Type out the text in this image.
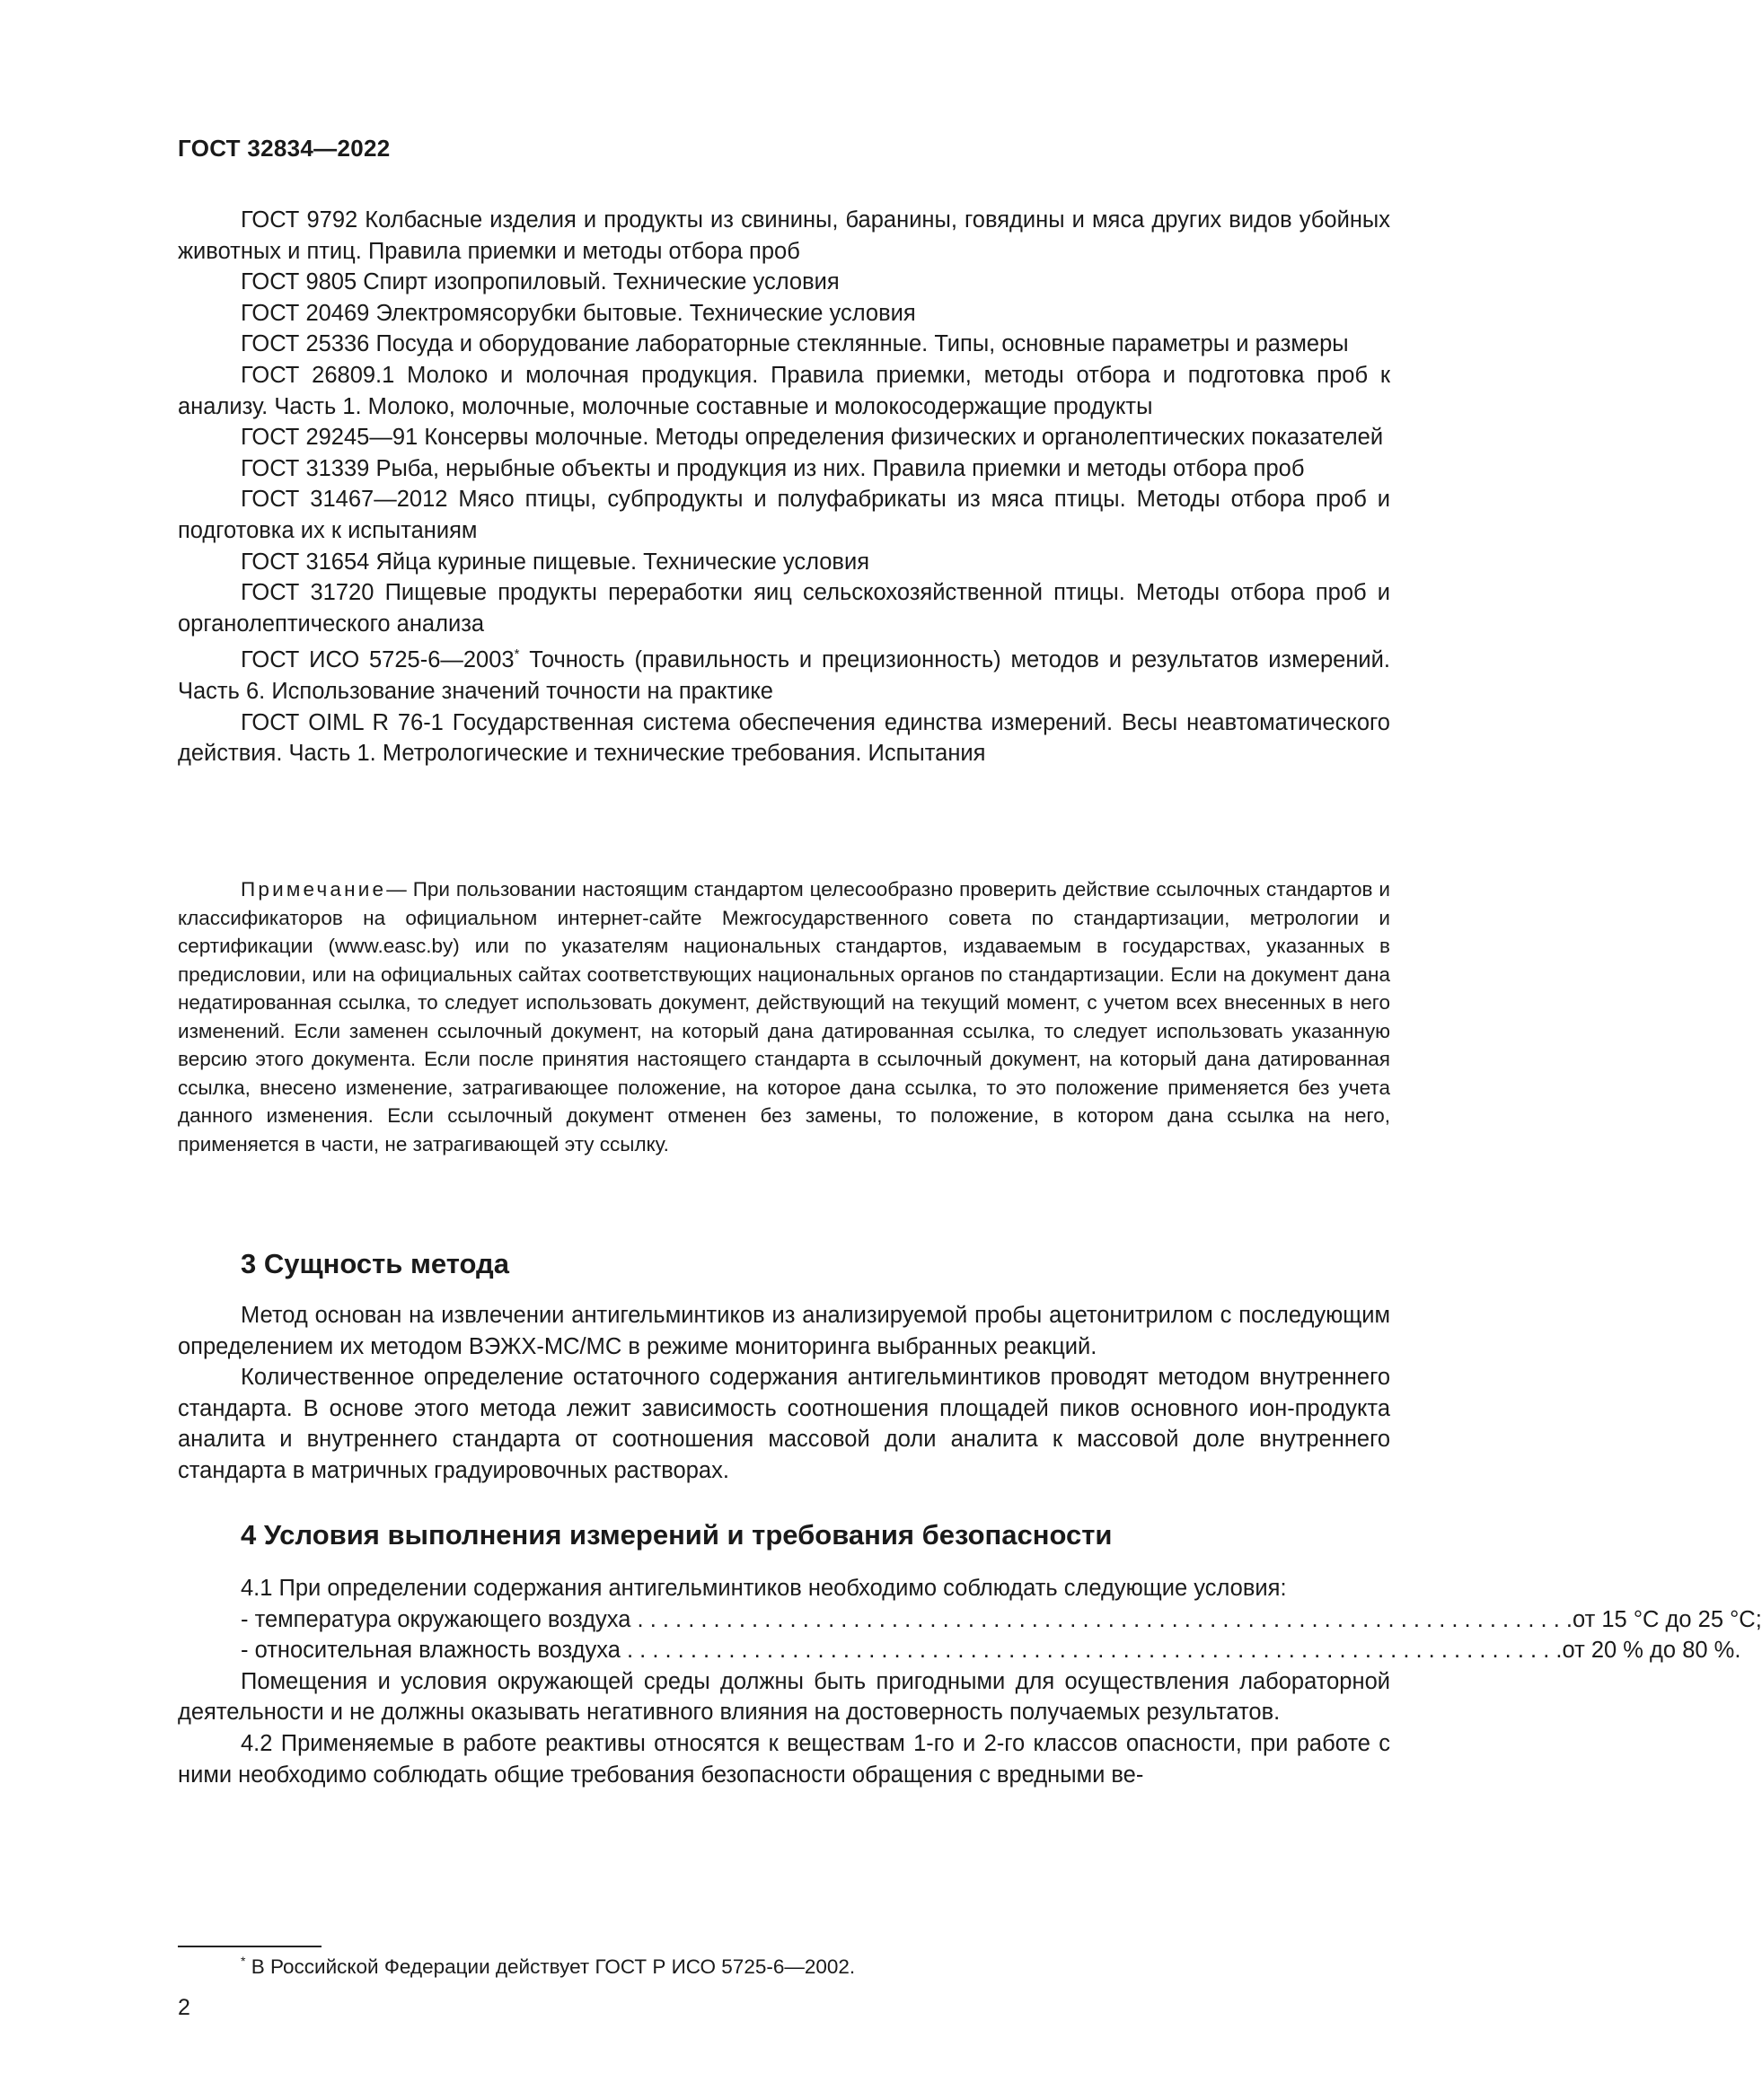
ГОСТ 32834—2022

ГОСТ 9792 Колбасные изделия и продукты из свинины, баранины, говядины и мяса других видов убойных животных и птиц. Правила приемки и методы отбора проб

ГОСТ 9805 Спирт изопропиловый. Технические условия

ГОСТ 20469 Электромясорубки бытовые. Технические условия

ГОСТ 25336 Посуда и оборудование лабораторные стеклянные. Типы, основные параметры и размеры

ГОСТ 26809.1 Молоко и молочная продукция. Правила приемки, методы отбора и подготовка проб к анализу. Часть 1. Молоко, молочные, молочные составные и молокосодержащие продукты

ГОСТ 29245—91 Консервы молочные. Методы определения физических и органолептических показателей

ГОСТ 31339 Рыба, нерыбные объекты и продукция из них. Правила приемки и методы отбора проб

ГОСТ 31467—2012 Мясо птицы, субпродукты и полуфабрикаты из мяса птицы. Методы отбора проб и подготовка их к испытаниям

ГОСТ 31654 Яйца куриные пищевые. Технические условия

ГОСТ 31720 Пищевые продукты переработки яиц сельскохозяйственной птицы. Методы отбора проб и органолептического анализа

ГОСТ ИСО 5725-6—2003* Точность (правильность и прецизионность) методов и результатов измерений. Часть 6. Использование значений точности на практике

ГОСТ OIML R 76-1 Государственная система обеспечения единства измерений. Весы неавтоматического действия. Часть 1. Метрологические и технические требования. Испытания

Примечание— При пользовании настоящим стандартом целесообразно проверить действие ссылочных стандартов и классификаторов на официальном интернет-сайте Межгосударственного совета по стандартизации, метрологии и сертификации (www.easc.by) или по указателям национальных стандартов, издаваемым в государствах, указанных в предисловии, или на официальных сайтах соответствующих национальных органов по стандартизации. Если на документ дана недатированная ссылка, то следует использовать документ, действующий на текущий момент, с учетом всех внесенных в него изменений. Если заменен ссылочный документ, на который дана датированная ссылка, то следует использовать указанную версию этого документа. Если после принятия настоящего стандарта в ссылочный документ, на который дана датированная ссылка, внесено изменение, затрагивающее положение, на которое дана ссылка, то это положение применяется без учета данного изменения. Если ссылочный документ отменен без замены, то положение, в котором дана ссылка на него, применяется в части, не затрагивающей эту ссылку.

3 Сущность метода

Метод основан на извлечении антигельминтиков из анализируемой пробы ацетонитрилом с последующим определением их методом ВЭЖХ-МС/МС в режиме мониторинга выбранных реакций.

Количественное определение остаточного содержания антигельминтиков проводят методом внутреннего стандарта. В основе этого метода лежит зависимость соотношения площадей пиков основного ион-продукта аналита и внутреннего стандарта от соотношения массовой доли аналита к массовой доле внутреннего стандарта в матричных градуировочных растворах.

4 Условия выполнения измерений и требования безопасности

4.1 При определении содержания антигельминтиков необходимо соблюдать следующие условия:

- температура окружающего воздуха . . . . . . . . . . . . . . . . . . . . . . . . . . . . . . . . . . . . . . . . . . . . . . . . . . . . . . . . . . . . . . . . . . . . . . . . . . от 15 °С до 25 °С;

- относительная влажность воздуха . . . . . . . . . . . . . . . . . . . . . . . . . . . . . . . . . . . . . . . . . . . . . . . . . . . . . . . . . . . . . . . . . . . . . . . . . . от 20 % до 80 %.

Помещения и условия окружающей среды должны быть пригодными для осуществления лабораторной деятельности и не должны оказывать негативного влияния на достоверность получаемых результатов.

4.2 Применяемые в работе реактивы относятся к веществам 1-го и 2-го классов опасности, при работе с ними необходимо соблюдать общие требования безопасности обращения с вредными ве-

* В Российской Федерации действует ГОСТ Р ИСО 5725-6—2002.
2
